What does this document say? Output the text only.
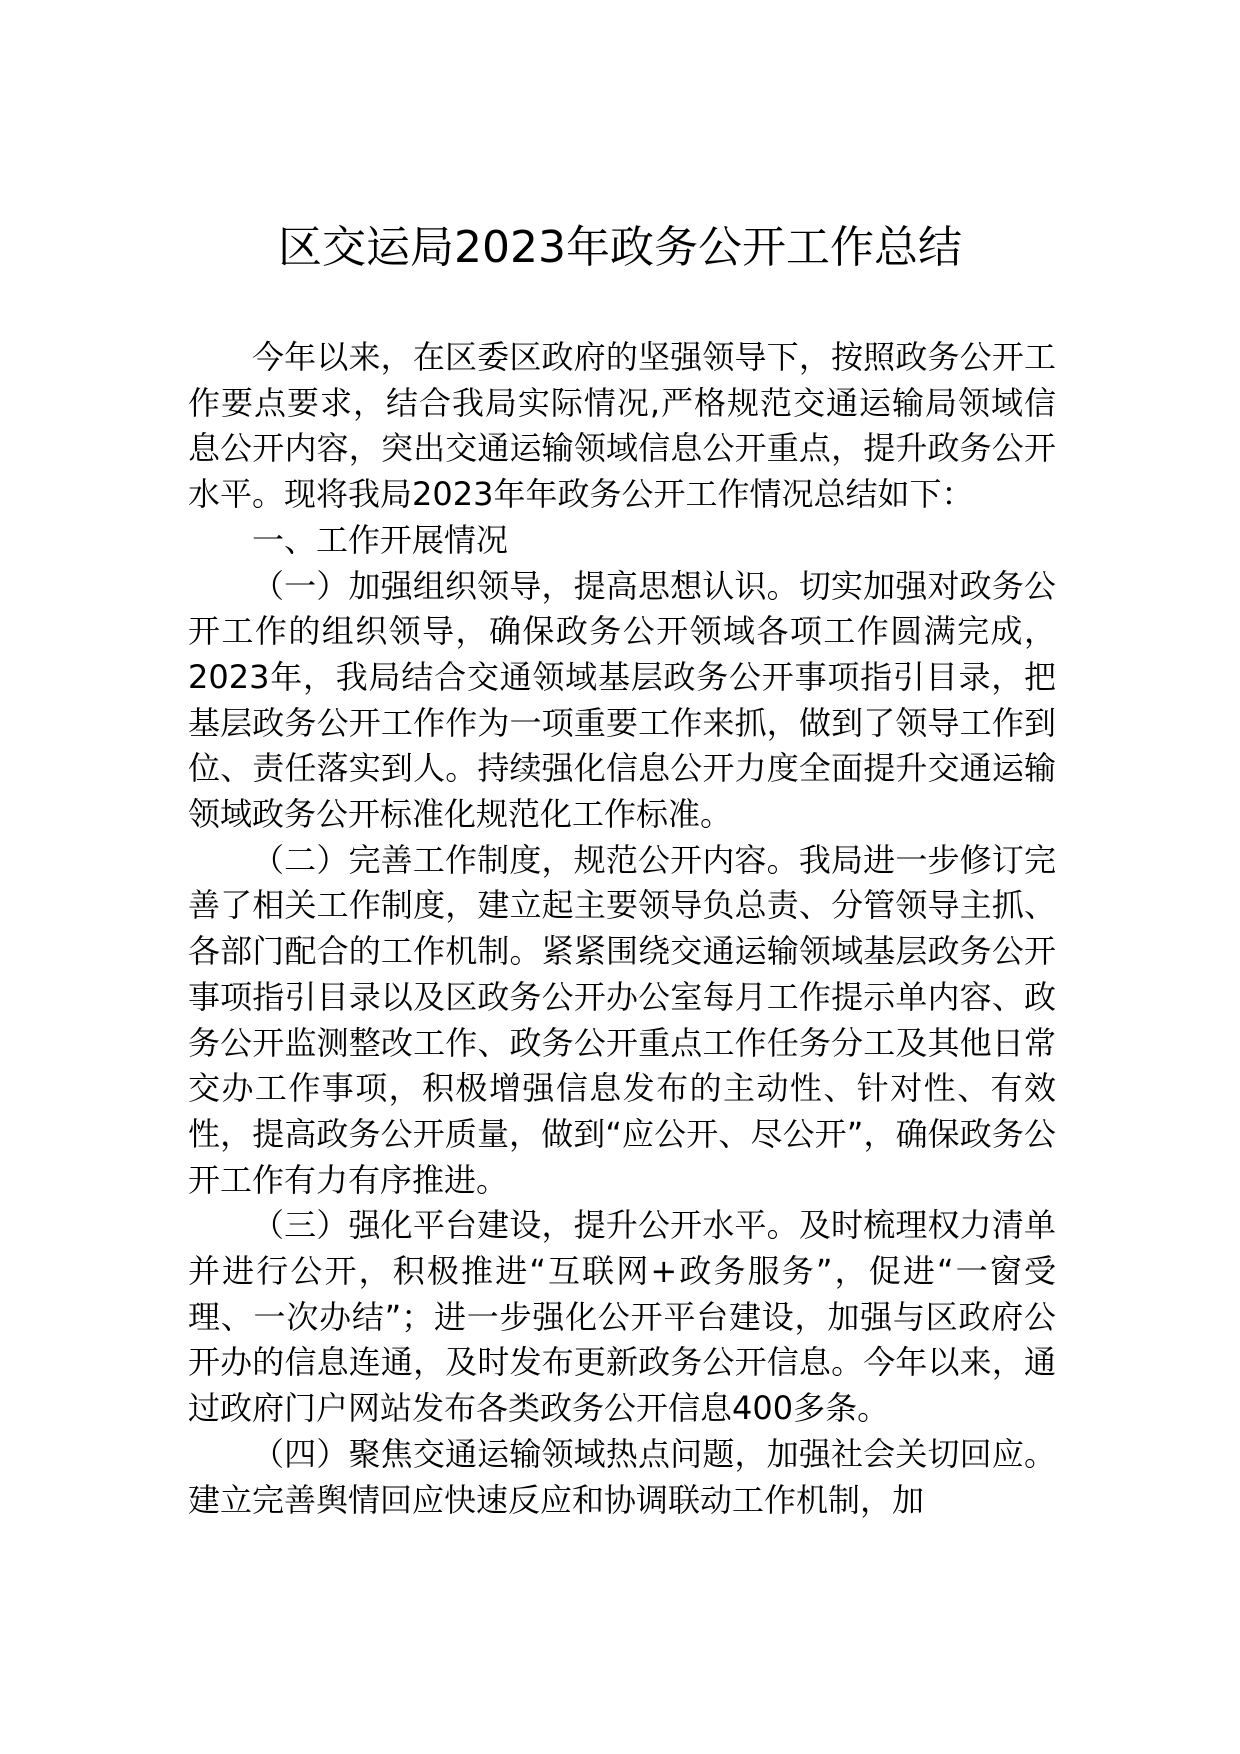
区交运局2023年政务公开工作总结

今年以来，在区委区政府的坚强领导下，按照政务公开工作要点要求，结合我局实际情况,严格规范交通运输局领域信息公开内容，突出交通运输领域信息公开重点，提升政务公开水平。现将我局2023年年政务公开工作情况总结如下：

一、工作开展情况

（一）加强组织领导，提高思想认识。切实加强对政务公开工作的组织领导，确保政务公开领域各项工作圆满完成，2023年，我局结合交通领域基层政务公开事项指引目录，把基层政务公开工作作为一项重要工作来抓，做到了领导工作到位、责任落实到人。持续强化信息公开力度全面提升交通运输领域政务公开标准化规范化工作标准。

（二）完善工作制度，规范公开内容。我局进一步修订完善了相关工作制度，建立起主要领导负总责、分管领导主抓、各部门配合的工作机制。紧紧围绕交通运输领域基层政务公开事项指引目录以及区政务公开办公室每月工作提示单内容、政务公开监测整改工作、政务公开重点工作任务分工及其他日常交办工作事项，积极增强信息发布的主动性、针对性、有效性，提高政务公开质量，做到“应公开、尽公开”，确保政务公开工作有力有序推进。

（三）强化平台建设，提升公开水平。及时梳理权力清单并进行公开，积极推进“互联网+政务服务”，促进“一窗受理、一次办结”；进一步强化公开平台建设，加强与区政府公开办的信息连通，及时发布更新政务公开信息。今年以来，通过政府门户网站发布各类政务公开信息400多条。

（四）聚焦交通运输领域热点问题，加强社会关切回应。建立完善舆情回应快速反应和协调联动工作机制，加
